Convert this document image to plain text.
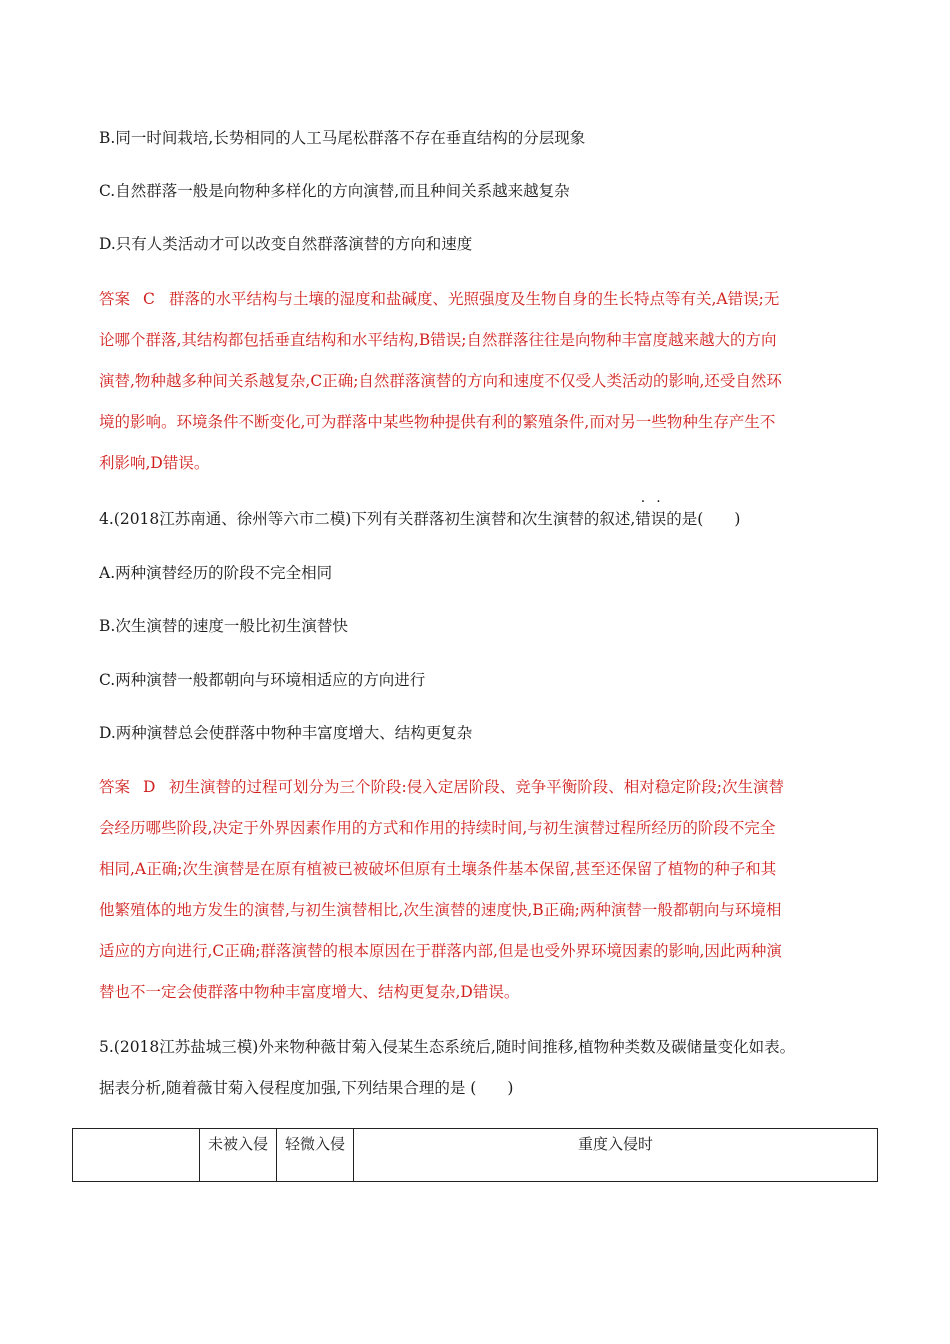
B.同一时间栽培,长势相同的人工马尾松群落不存在垂直结构的分层现象
C.自然群落一般是向物种多样化的方向演替,而且种间关系越来越复杂
D.只有人类活动才可以改变自然群落演替的方向和速度
答案 C 群落的水平结构与土壤的湿度和盐碱度、光照强度及生物自身的生长特点等有关,A错误;无
论哪个群落,其结构都包括垂直结构和水平结构,B错误;自然群落往往是向物种丰富度越来越大的方向
演替,物种越多种间关系越复杂,C正确;自然群落演替的方向和速度不仅受人类活动的影响,还受自然环
境的影响。环境条件不断变化,可为群落中某些物种提供有利的繁殖条件,而对另一些物种生存产生不
利影响,D错误。
4.(2018江苏南通、徐州等六市二模)下列有关群落初生演替和次生演替的叙述,
·
错
·
误的是(　　)
A.两种演替经历的阶段不完全相同
B.次生演替的速度一般比初生演替快
C.两种演替一般都朝向与环境相适应的方向进行
D.两种演替总会使群落中物种丰富度增大、结构更复杂
答案 D 初生演替的过程可划分为三个阶段:侵入定居阶段、竞争平衡阶段、相对稳定阶段;次生演替
会经历哪些阶段,决定于外界因素作用的方式和作用的持续时间,与初生演替过程所经历的阶段不完全
相同,A正确;次生演替是在原有植被已被破坏但原有土壤条件基本保留,甚至还保留了植物的种子和其
他繁殖体的地方发生的演替,与初生演替相比,次生演替的速度快,B正确;两种演替一般都朝向与环境相
适应的方向进行,C正确;群落演替的根本原因在于群落内部,但是也受外界环境因素的影响,因此两种演
替也不一定会使群落中物种丰富度增大、结构更复杂,D错误。
5.(2018江苏盐城三模)外来物种薇甘菊入侵某生态系统后,随时间推移,植物种类数及碳储量变化如表。
据表分析,随着薇甘菊入侵程度加强,下列结果合理的是 (　　)
	未被入侵	轻微入侵	重度入侵时
